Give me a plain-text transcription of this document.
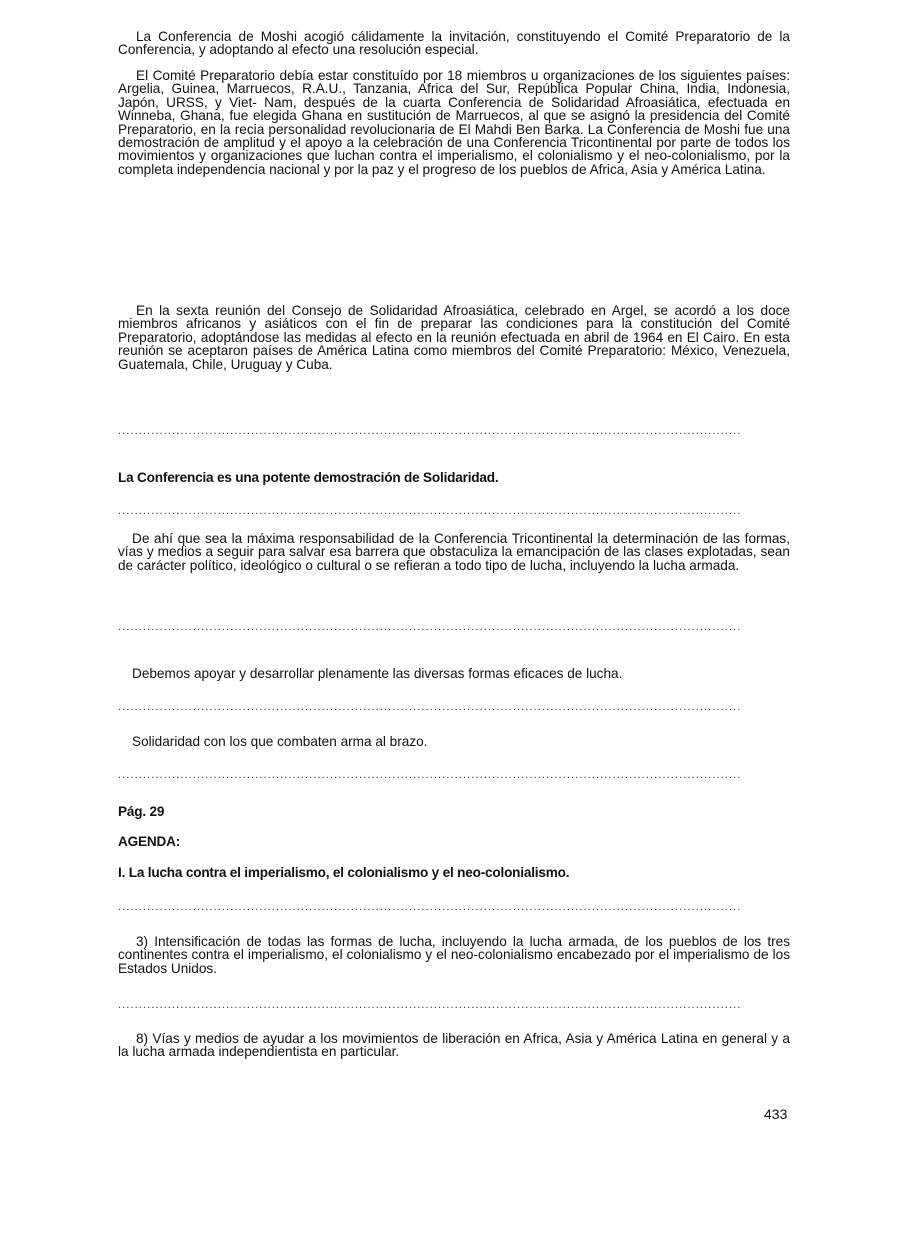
La Conferencia de Moshi acogió cálidamente la invitación, constituyendo el Comité Preparatorio de la Conferencia, y adoptando al efecto una resolución especial.

El Comité Preparatorio debía estar constituído por 18 miembros u organizaciones de los siguientes países: Argelia, Guinea, Marruecos, R.A.U., Tanzania, Africa del Sur, República Popular China, India, Indonesia, Japón, URSS, y Viet- Nam, después de la cuarta Conferencia de Solidaridad Afroasiática, efectuada en Winneba, Ghana, fue elegida Ghana en sustitución de Marruecos, al que se asignó la presidencia del Comité Preparatorio, en la recia personalidad revolucionaria de El Mahdi Ben Barka. La Conferencia de Moshi fue una demostración de amplitud y el apoyo a la celebración de una Conferencia Tricontinental por parte de todos los movimientos y organizaciones que luchan contra el imperialismo, el colonialismo y el neo-colonialismo, por la completa independencia nacional y por la paz y el progreso de los pueblos de Africa, Asia y América Latina.

En la sexta reunión del Consejo de Solidaridad Afroasiática, celebrado en Argel, se acordó a los doce miembros africanos y asiáticos con el fin de preparar las condiciones para la constitución del Comité Preparatorio, adoptándose las medidas al efecto en la reunión efectuada en abril de 1964 en El Cairo. En esta reunión se aceptaron países de América Latina como miembros del Comité Preparatorio: México, Venezuela, Guatemala, Chile, Uruguay y Cuba.

......................................................................................................................................................

La Conferencia es una potente demostración de Solidaridad.

......................................................................................................................................................

De ahí que sea la máxima responsabilidad de la Conferencia Tricontinental la determinación de las formas, vías y medios a seguir para salvar esa barrera que obstaculiza la emancipación de las clases explotadas, sean de carácter político, ideológico o cultural o se refieran a todo tipo de lucha, incluyendo la lucha armada.

......................................................................................................................................................

Debemos apoyar y desarrollar plenamente las diversas formas eficaces de lucha.

......................................................................................................................................................

Solidaridad con los que combaten arma al brazo.

......................................................................................................................................................

Pág. 29

AGENDA:

I. La lucha contra el imperialismo, el colonialismo y el neo-colonialismo.

......................................................................................................................................................

3) Intensificación de todas las formas de lucha, incluyendo la lucha armada, de los pueblos de los tres continentes contra el imperialismo, el colonialismo y el neo-colonialismo encabezado por el imperialismo de los Estados Unidos.

......................................................................................................................................................

8) Vías y medios de ayudar a los movimientos de liberación en Africa, Asia y América Latina en general y a la lucha armada independientista en particular.

433
